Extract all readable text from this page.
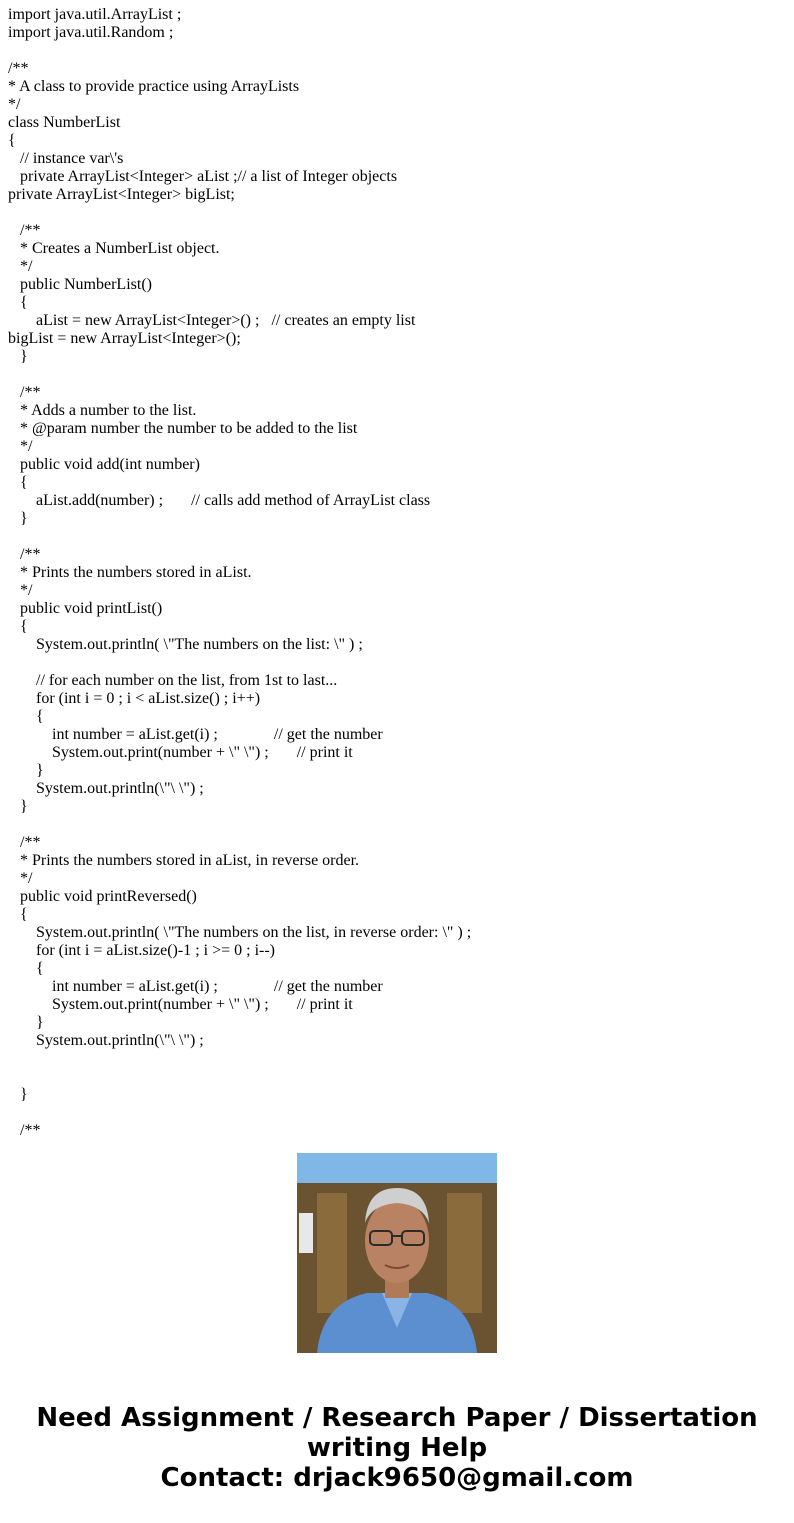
import java.util.ArrayList ;
import java.util.Random ;
/**
* A class to provide practice using ArrayLists
*/
class NumberList
{
// instance var\'s
private ArrayList<Integer> aList ;// a list of Integer objects
private ArrayList<Integer> bigList;
/**
* Creates a NumberList object.
*/
public NumberList()
{
aList = new ArrayList<Integer>() ;   // creates an empty list
bigList = new ArrayList<Integer>();
}
/**
* Adds a number to the list.
* @param number the number to be added to the list
*/
public void add(int number)
{
aList.add(number) ;       // calls add method of ArrayList class
}
/**
* Prints the numbers stored in aList.
*/
public void printList()
{
System.out.println( \"The numbers on the list: \" ) ;
// for each number on the list, from 1st to last...
for (int i = 0 ; i < aList.size() ; i++)
{
int number = aList.get(i) ;              // get the number
System.out.print(number + \" \") ;       // print it
}
System.out.println(\"\ \") ;
}
/**
* Prints the numbers stored in aList, in reverse order.
*/
public void printReversed()
{
System.out.println( \"The numbers on the list, in reverse order: \" ) ;
for (int i = aList.size()-1 ; i >= 0 ; i--)
{
int number = aList.get(i) ;              // get the number
System.out.print(number + \" \") ;       // print it
}
System.out.println(\"\ \") ;
}
/**
Need Assignment / Research Paper / Dissertation
writing Help
Contact: drjack9650@gmail.com
